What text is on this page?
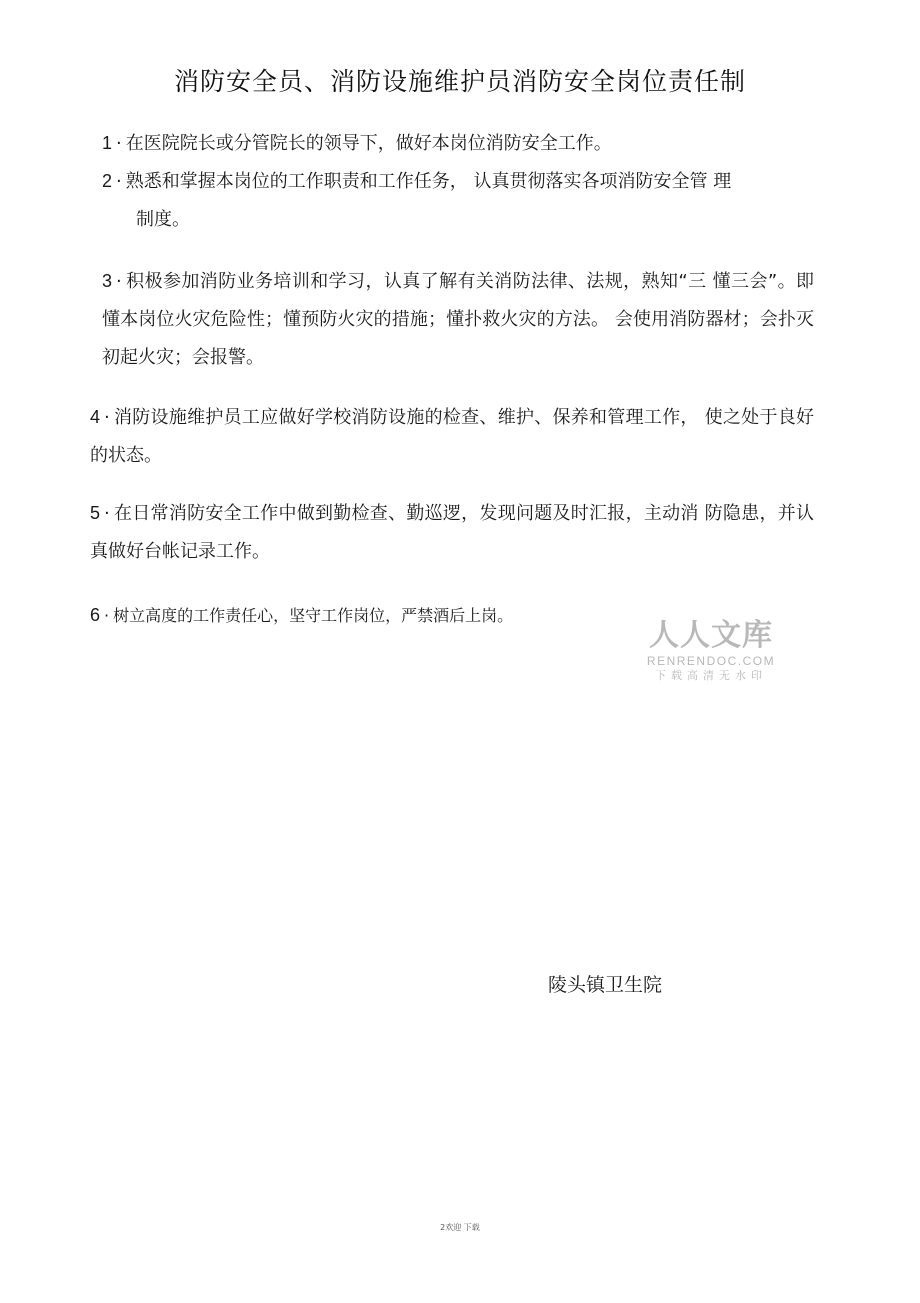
消防安全员、消防设施维护员消防安全岗位责任制

1 · 在医院院长或分管院长的领导下，做好本岗位消防安全工作。

2 · 熟悉和掌握本岗位的工作职责和工作任务， 认真贯彻落实各项消防安全管 理
制度。

3 · 积极参加消防业务培训和学习，认真了解有关消防法律、法规，熟知“三 懂三会”。即懂本岗位火灾危险性；懂预防火灾的措施；懂扑救火灾的方法。 会使用消防器材；会扑灭初起火灾；会报警。

4 · 消防设施维护员工应做好学校消防设施的检查、维护、保养和管理工作， 使之处于良好的状态。

5 · 在日常消防安全工作中做到勤检查、勤巡逻，发现问题及时汇报，主动消 防隐患，并认真做好台帐记录工作。

6 · 树立高度的工作责任心，坚守工作岗位，严禁酒后上岗。

人人文库
RENRENDOC.COM
下载高清无水印
陵头镇卫生院
2欢迎 下载
